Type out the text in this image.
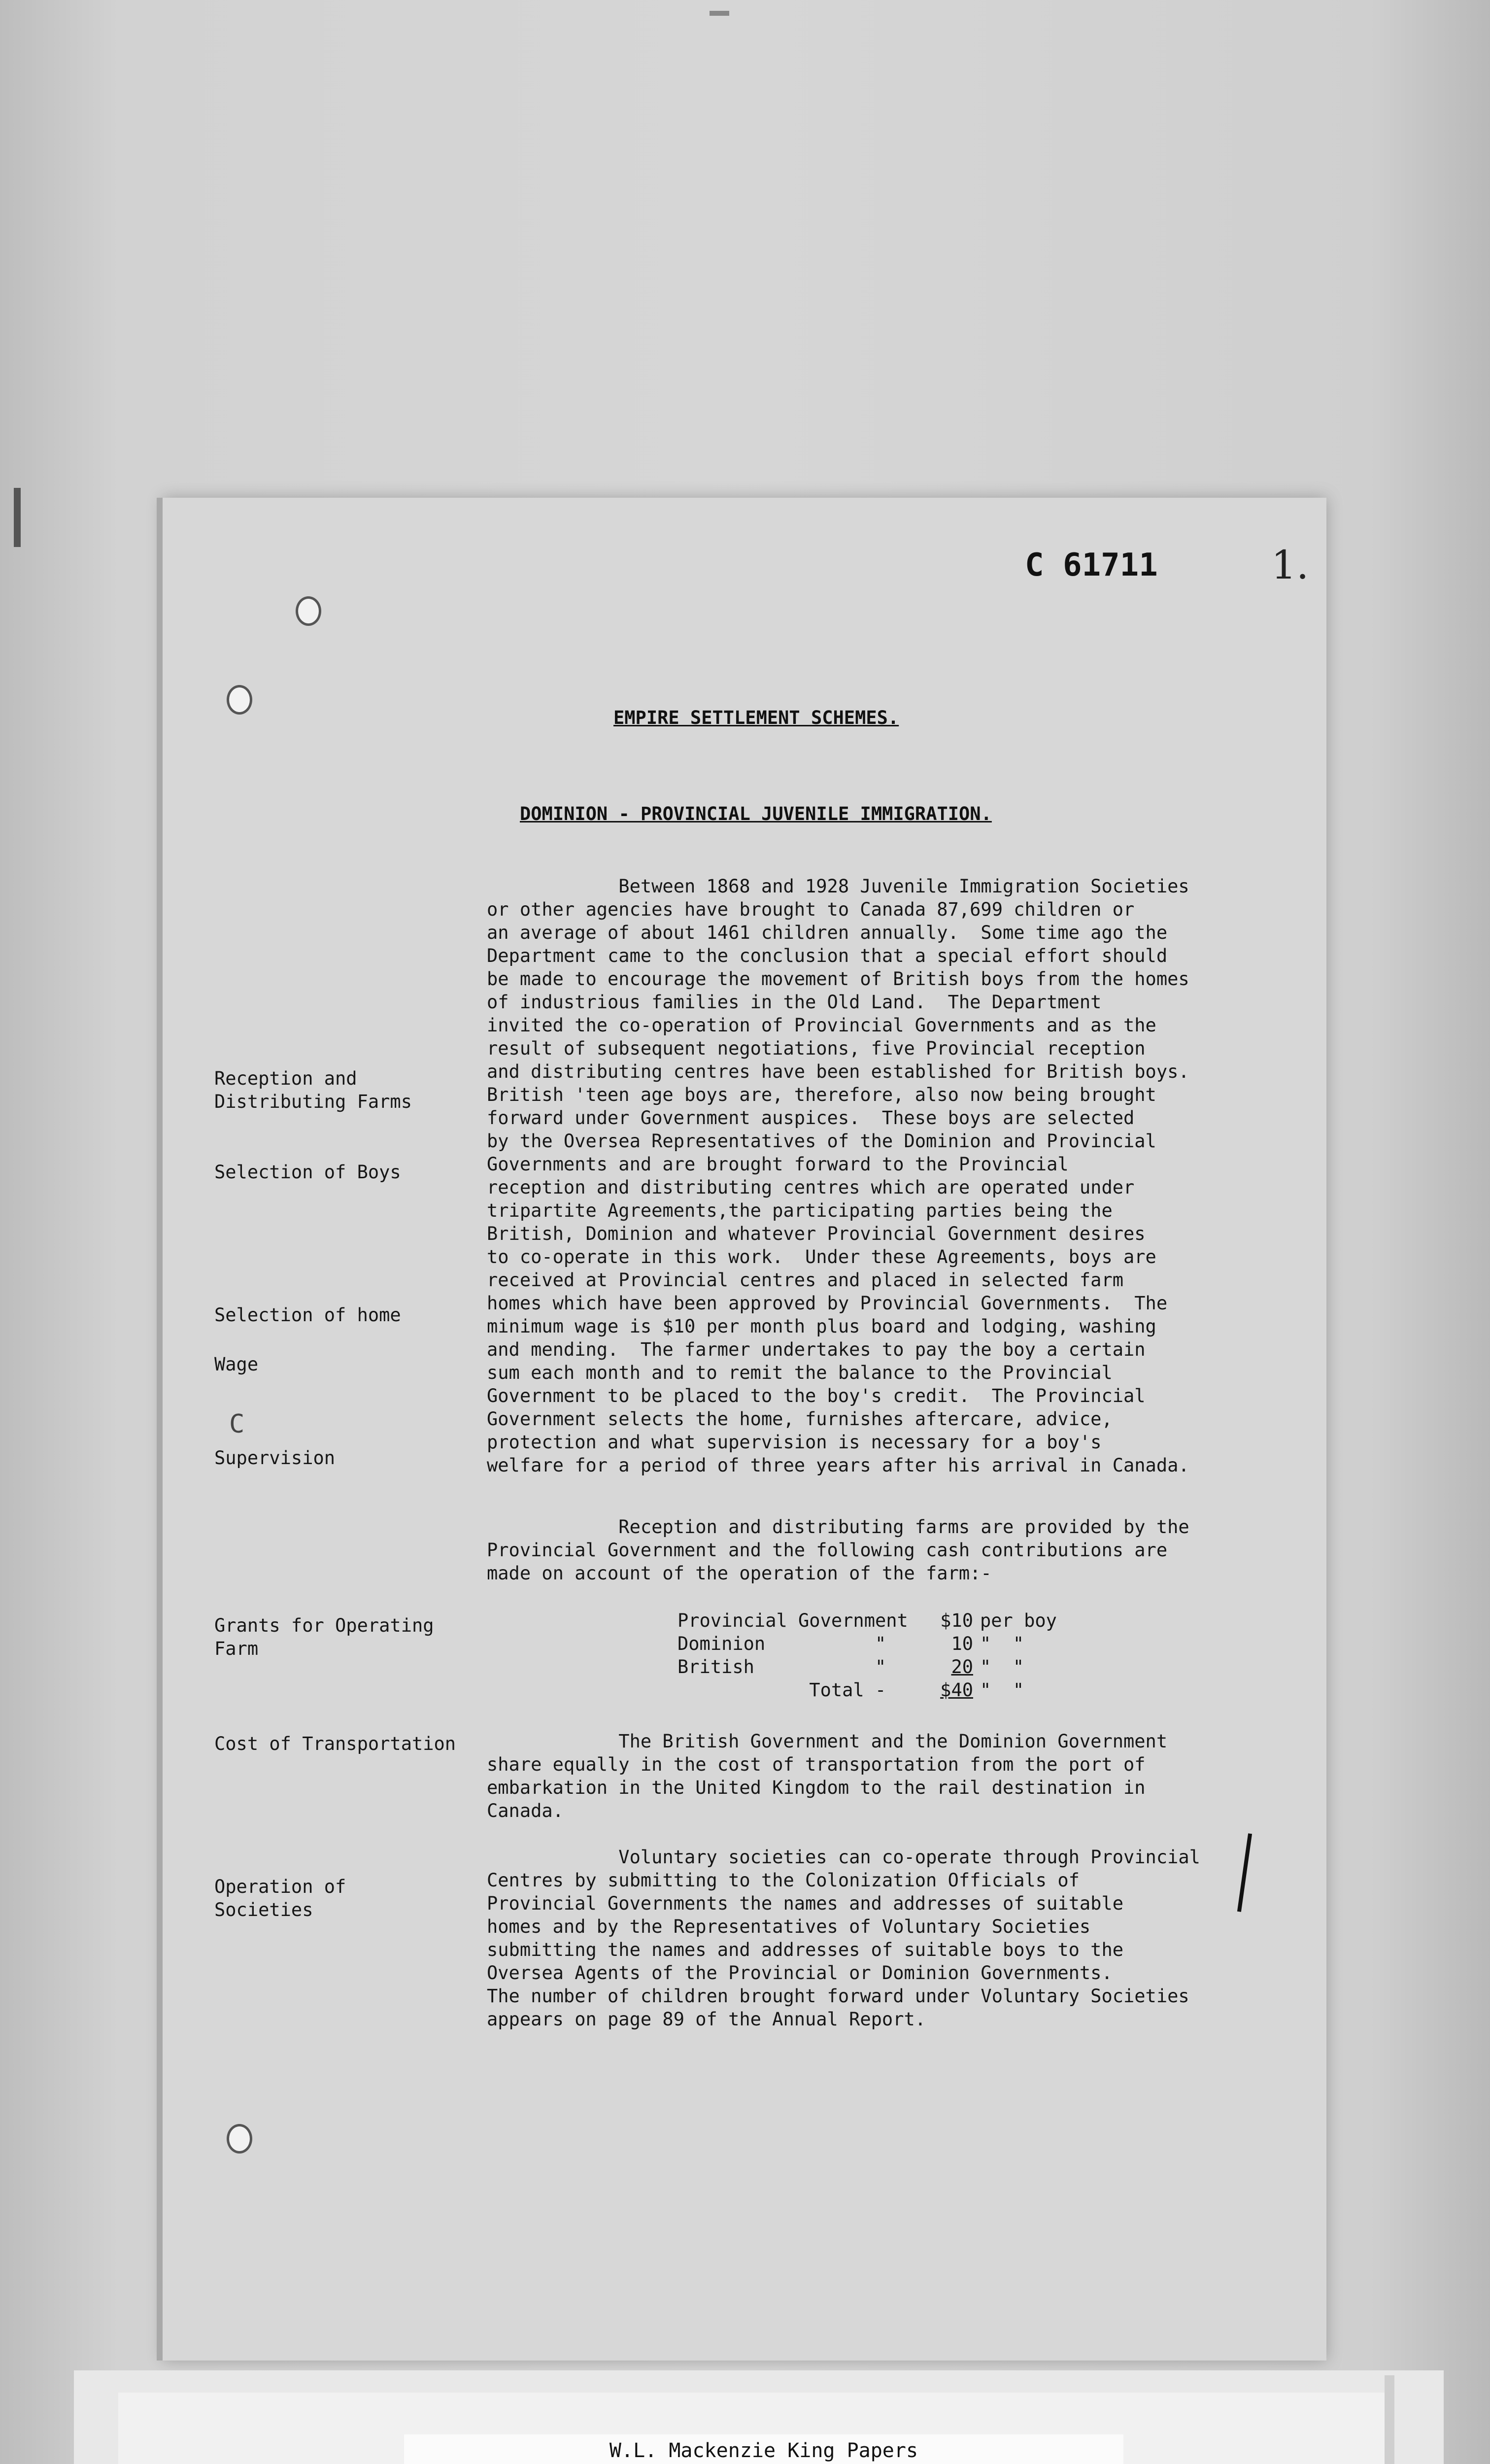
C 61711	1.
EMPIRE SETTLEMENT SCHEMES.
DOMINION - PROVINCIAL JUVENILE IMMIGRATION.

Between 1868 and 1928 Juvenile Immigration Societies

or other agencies have brought to Canada 87,699 children or

an average of about 1461 children annually.  Some time ago the

Department came to the conclusion that a special effort should

be made to encourage the movement of British boys from the homes

of industrious families in the Old Land.  The Department

invited the co-operation of Provincial Governments and as the

result of subsequent negotiations, five Provincial reception

and distributing centres have been established for British boys.

British 'teen age boys are, therefore, also now being brought

forward under Government auspices.  These boys are selected

by the Oversea Representatives of the Dominion and Provincial

Governments and are brought forward to the Provincial

reception and distributing centres which are operated under

tripartite Agreements,the participating parties being the

British, Dominion and whatever Provincial Government desires

to co-operate in this work.  Under these Agreements, boys are

received at Provincial centres and placed in selected farm

homes which have been approved by Provincial Governments.  The

minimum wage is $10 per month plus board and lodging, washing

and mending.  The farmer undertakes to pay the boy a certain

sum each month and to remit the balance to the Provincial

Government to be placed to the boy's credit.  The Provincial

Government selects the home, furnishes aftercare, advice,

protection and what supervision is necessary for a boy's

welfare for a period of three years after his arrival in Canada.

Reception and distributing farms are provided by the

Provincial Government and the following cash contributions are

made on account of the operation of the farm:-

The British Government and the Dominion Government

share equally in the cost of transportation from the port of

embarkation in the United Kingdom to the rail destination in

Canada.

Voluntary societies can co-operate through Provincial

Centres by submitting to the Colonization Officials of

Provincial Governments the names and addresses of suitable

homes and by the Representatives of Voluntary Societies

submitting the names and addresses of suitable boys to the

Oversea Agents of the Provincial or Dominion Governments.

The number of children brought forward under Voluntary Societies

appears on page 89 of the Annual Report.

Reception and
Distributing Farms
Selection of Boys
Selection of home
Wage
Supervision
Grants for Operating
Farm
Cost of Transportation
Operation of
Societies
Provincial Government $10 per boy
Dominion          "	10 "  "
British           "	20 "  "
Total -	$40 "  "
C
W.L. Mackenzie King Papers
